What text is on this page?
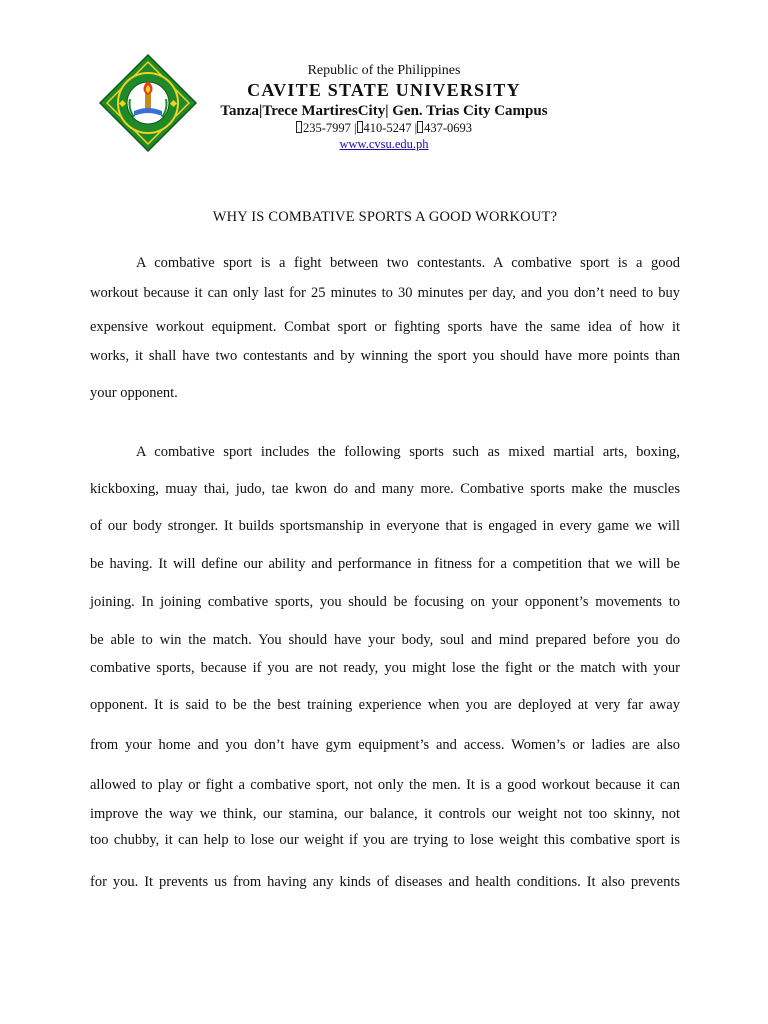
Republic of the Philippines
CAVITE STATE UNIVERSITY
Tanza|Trece MartiresCity| Gen. Trias City Campus
235-7997 | 410-5247 | 437-0693
www.cvsu.edu.ph
WHY IS COMBATIVE SPORTS A GOOD WORKOUT?
A combative sport is a fight between two contestants. A combative sport is a good
workout because it can only last for 25 minutes to 30 minutes per day, and you don’t need to buy
expensive workout equipment. Combat sport or fighting sports have the same idea of how it
works, it shall have two contestants and by winning the sport you should have more points than
your opponent.
A combative sport includes the following sports such as mixed martial arts, boxing,
kickboxing, muay thai, judo, tae kwon do and many more. Combative sports make the muscles
of our body stronger. It builds sportsmanship in everyone that is engaged in every game we will
be having. It will define our ability and performance in fitness for a competition that we will be
joining. In joining combative sports, you should be focusing on your opponent’s movements to
be able to win the match. You should have your body, soul and mind prepared before you do
combative sports, because if you are not ready, you might lose the fight or the match with your
opponent. It is said to be the best training experience when you are deployed at very far away
from your home and you don’t have gym equipment’s and access. Women’s or ladies are also
allowed to play or fight a combative sport, not only the men. It is a good workout because it can
improve the way we think, our stamina, our balance, it controls our weight not too skinny, not
too chubby, it can help to lose our weight if you are trying to lose weight this combative sport is
for you. It prevents us from having any kinds of diseases and health conditions. It also prevents
